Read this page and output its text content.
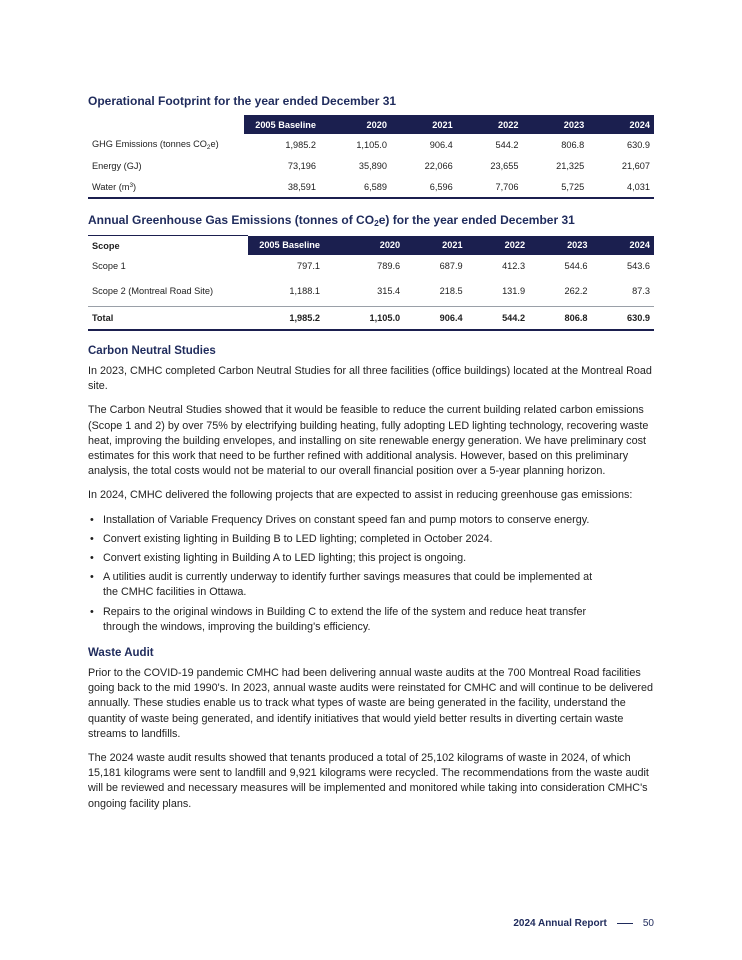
Operational Footprint for the year ended December 31
	2005 Baseline	2020	2021	2022	2023	2024
GHG Emissions (tonnes $CO_2e$)	1,985.2	1,105.0	906.4	544.2	806.8	630.9
Energy (GJ)	73,196	35,890	22,066	23,655	21,325	21,607
Water $(m^3)$	38,591	6,589	6,596	7,706	5,725	4,031
Annual Greenhouse Gas Emissions (tonnes of $CO_2e$) for the year ended December 31
Scope	2005 Baseline	2020	2021	2022	2023	2024
Scope 1	797.1	789.6	687.9	412.3	544.6	543.6
Scope 2 (Montreal Road Site)	1,188.1	315.4	218.5	131.9	262.2	87.3
Total	1,985.2	1,105.0	906.4	544.2	806.8	630.9
Carbon Neutral Studies

In 2023, CMHC completed Carbon Neutral Studies for all three facilities (office buildings) located at the Montreal Road site.

The Carbon Neutral Studies showed that it would be feasible to reduce the current building related carbon emissions (Scope 1 and 2) by over 75% by electrifying building heating, fully adopting LED lighting technology, recovering waste heat, improving the building envelopes, and installing on site renewable energy generation. We have preliminary cost estimates for this work that need to be further refined with additional analysis. However, based on this preliminary analysis, the total costs would not be material to our overall financial position over a 5-year planning horizon.

In 2024, CMHC delivered the following projects that are expected to assist in reducing greenhouse gas emissions:

• Installation of Variable Frequency Drives on constant speed fan and pump motors to conserve energy.
• Convert existing lighting in Building B to LED lighting; completed in October 2024.
• Convert existing lighting in Building A to LED lighting; this project is ongoing.
• A utilities audit is currently underway to identify further savings measures that could be implemented at the CMHC facilities in Ottawa.
• Repairs to the original windows in Building C to extend the life of the system and reduce heat transfer through the windows, improving the building's efficiency.
Waste Audit

Prior to the COVID-19 pandemic CMHC had been delivering annual waste audits at the 700 Montreal Road facilities going back to the mid 1990's. In 2023, annual waste audits were reinstated for CMHC and will continue to be delivered annually. These studies enable us to track what types of waste are being generated in the facility, understand the quantity of waste being generated, and identify initiatives that would yield better results in diverting certain waste streams to landfills.

The 2024 waste audit results showed that tenants produced a total of 25,102 kilograms of waste in 2024, of which 15,181 kilograms were sent to landfill and 9,921 kilograms were recycled. The recommendations from the waste audit will be reviewed and necessary measures will be implemented and monitored while taking into consideration CMHC's ongoing facility plans.

2024 Annual Report	50
